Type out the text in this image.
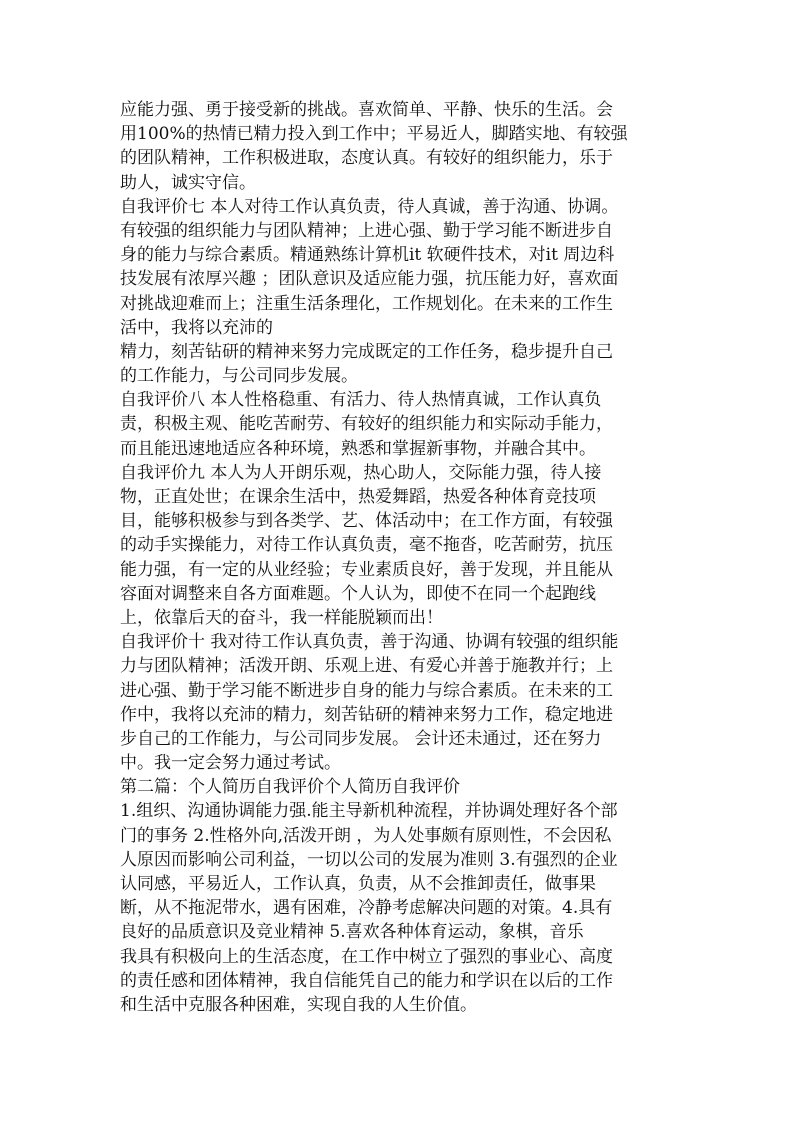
应能力强、勇于接受新的挑战。喜欢简单、平静、快乐的生活。会
用100%的热情已精力投入到工作中；平易近人，脚踏实地、有较强
的团队精神，工作积极进取，态度认真。有较好的组织能力，乐于
助人，诚实守信。
自我评价七 本人对待工作认真负责，待人真诚，善于沟通、协调。
有较强的组织能力与团队精神；上进心强、勤于学习能不断进步自
身的能力与综合素质。精通熟练计算机it 软硬件技术，对it 周边科
技发展有浓厚兴趣 ；团队意识及适应能力强，抗压能力好，喜欢面
对挑战迎难而上；注重生活条理化，工作规划化。在未来的工作生
活中，我将以充沛的
精力，刻苦钻研的精神来努力完成既定的工作任务，稳步提升自己
的工作能力，与公司同步发展。
自我评价八 本人性格稳重、有活力、待人热情真诚，工作认真负
责，积极主观、能吃苦耐劳、有较好的组织能力和实际动手能力，
而且能迅速地适应各种环境，熟悉和掌握新事物，并融合其中。
自我评价九 本人为人开朗乐观，热心助人，交际能力强，待人接
物，正直处世；在课余生活中，热爱舞蹈，热爱各种体育竞技项
目，能够积极参与到各类学、艺、体活动中；在工作方面，有较强
的动手实操能力，对待工作认真负责，毫不拖沓，吃苦耐劳，抗压
能力强，有一定的从业经验；专业素质良好，善于发现，并且能从
容面对调整来自各方面难题。个人认为，即使不在同一个起跑线
上，依靠后天的奋斗，我一样能脱颖而出！
自我评价十 我对待工作认真负责，善于沟通、协调有较强的组织能
力与团队精神；活泼开朗、乐观上进、有爱心并善于施教并行；上
进心强、勤于学习能不断进步自身的能力与综合素质。在未来的工
作中，我将以充沛的精力，刻苦钻研的精神来努力工作，稳定地进
步自己的工作能力，与公司同步发展。 会计还未通过，还在努力
中。我一定会努力通过考试。
第二篇：个人简历自我评价个人简历自我评价
1.组织、沟通协调能力强.能主导新机种流程，并协调处理好各个部
门的事务 2.性格外向,活泼开朗 ，为人处事颇有原则性，不会因私
人原因而影响公司利益，一切以公司的发展为准则 3.有强烈的企业
认同感，平易近人，工作认真，负责，从不会推卸责任，做事果
断，从不拖泥带水，遇有困难，冷静考虑解决问题的对策。4.具有
良好的品质意识及竞业精神 5.喜欢各种体育运动，象棋，音乐
我具有积极向上的生活态度，在工作中树立了强烈的事业心、高度
的责任感和团体精神，我自信能凭自己的能力和学识在以后的工作
和生活中克服各种困难，实现自我的人生价值。
